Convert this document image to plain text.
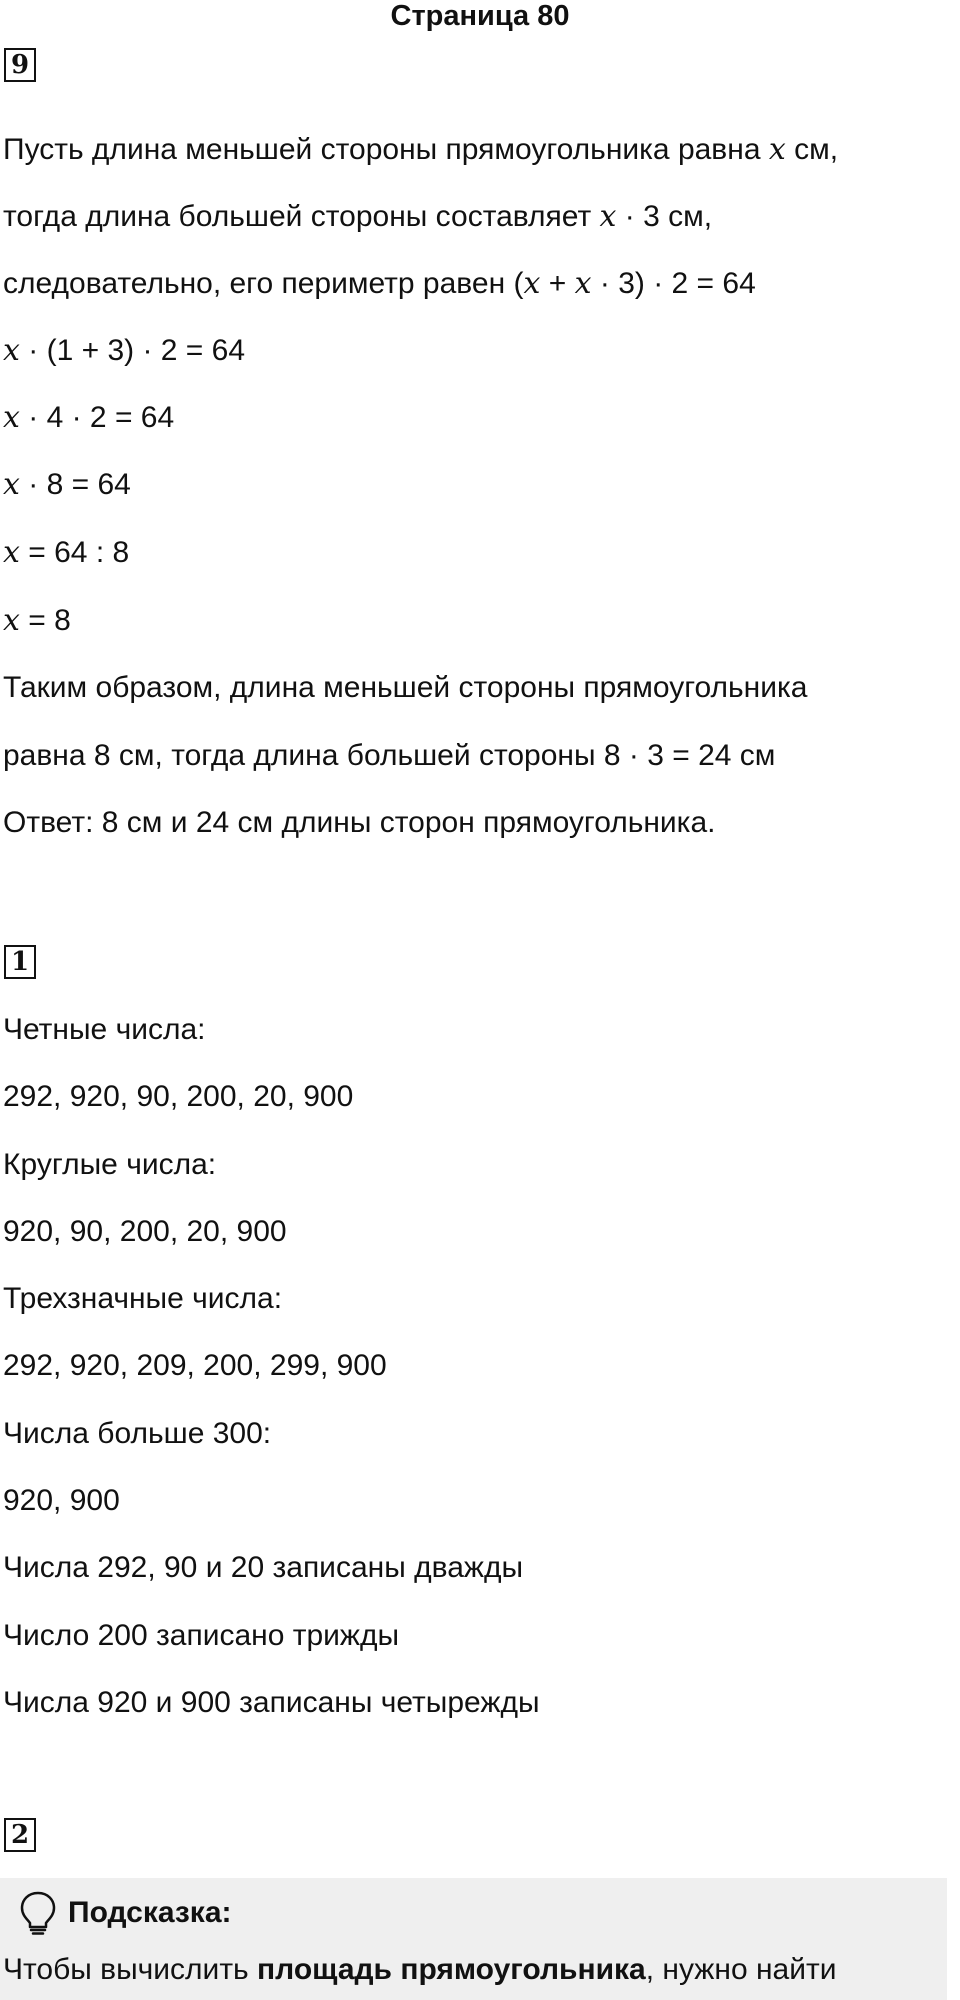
Страница 80
9
Пусть длина меньшей стороны прямоугольника равна x см,
тогда длина большей стороны составляет x · 3 см,
следовательно, его периметр равен (x + x · 3) · 2 = 64
x · (1 + 3) · 2 = 64
x · 4 · 2 = 64
x · 8 = 64
x = 64 : 8
x = 8
Таким образом, длина меньшей стороны прямоугольника
равна 8 см, тогда длина большей стороны 8 · 3 = 24 см
Ответ: 8 см и 24 см длины сторон прямоугольника.
1
Четные числа:
292, 920, 90, 200, 20, 900
Круглые числа:
920, 90, 200, 20, 900
Трехзначные числа:
292, 920, 209, 200, 299, 900
Числа больше 300:
920, 900
Числа 292, 90 и 20 записаны дважды
Число 200 записано трижды
Числа 920 и 900 записаны четырежды
2
Подсказка:
Чтобы вычислить площадь прямоугольника, нужно найти
